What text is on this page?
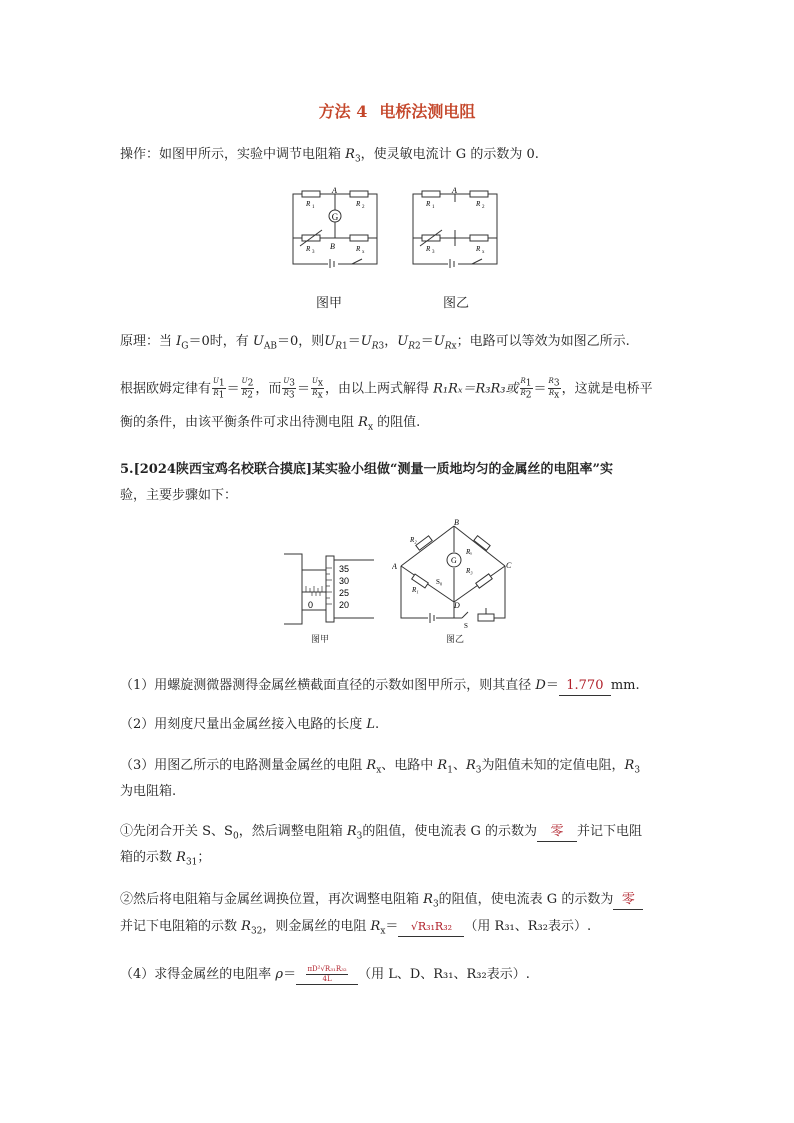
方法 4 电桥法测电阻
操作：如图甲所示，实验中调节电阻箱 $R_3$，使灵敏电流计 G 的示数为 0.
G
A
B
R 1	R 2
R 3	R x
A
R 1	R 2
R 3	R x
图甲	图乙
原理：当 $I_G=0$时，有 $U_{AB}=0$，则$U_{R1}=U_{R3}$，$U_{R2}=U_{Rx}$；电路可以等效为如图乙所示.
根据欧姆定律有 $\frac{U_1}{R_1} = \frac{U_2}{R_2}$ ，而 $\frac{U_3}{R_3} = \frac{U_x}{R_x}$ ，由以上两式解得 R₁Rₓ＝R₃R₃或 $\frac{R_1}{R_2} = \frac{R_3}{R_x}$ ，这就是电桥平
衡的条件，由该平衡条件可求出待测电阻 $R_x$ 的阻值.
5.[2024陕西宝鸡名校联合摸底]某实验小组做“测量一质地均匀的金属丝的电阻率”实
验，主要步骤如下：
0
35
30
25
20
图甲
G
A
B
C
D
R₂
Rₓ
R₃
R₁
S₀
S
图乙
（1）用螺旋测微器测得金属丝横截面直径的示数如图甲所示，则其直径 D＝ 1.770 mm.
（2）用刻度尺量出金属丝接入电路的长度 L.
（3）用图乙所示的电路测量金属丝的电阻 $R_x$、电路中 $R_1$、$R_3$为阻值未知的定值电阻，$R_3$
为电阻箱.
①先闭合开关 S、$S_0$，然后调整电阻箱 $R_3$的阻值，使电流表 G 的示数为 零 并记下电阻
箱的示数 $R_{31}$；
②然后将电阻箱与金属丝调换位置，再次调整电阻箱 $R_3$的阻值，使电流表 G 的示数为 零
并记下电阻箱的示数 $R_{32}$，则金属丝的电阻 $R_x= √R_{31}R_{32}$ （用 R₃₁、R₃₂表示）.
（4）求得金属丝的电阻率 $\rho= \frac{\text{πD²√R₃₁R₃₂}}{4L}$ （用 L、D、R₃₁、R₃₂表示）.
